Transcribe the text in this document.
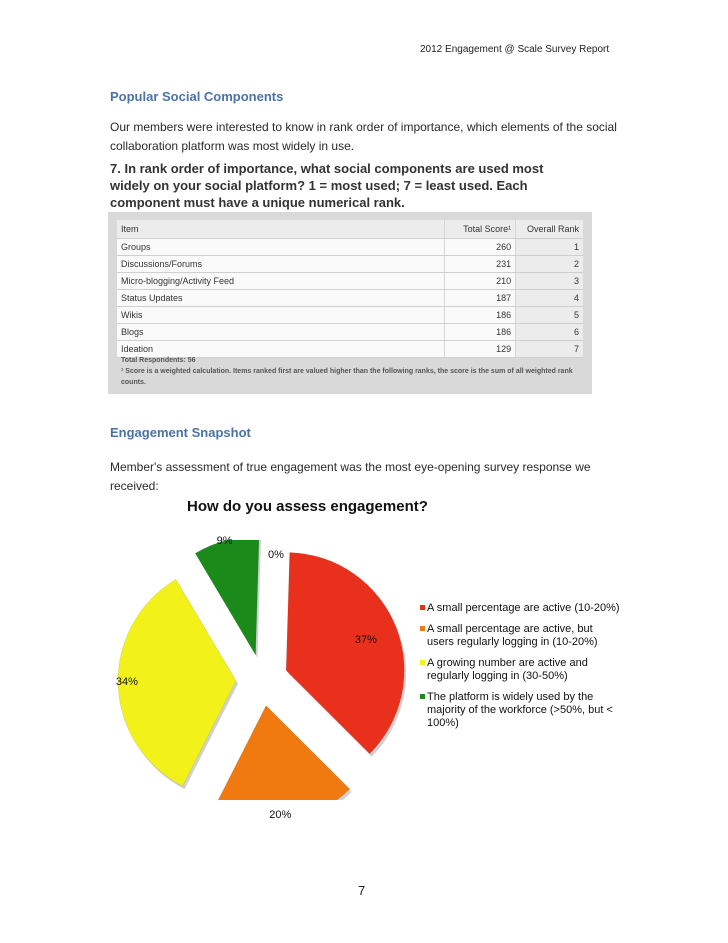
2012 Engagement @ Scale Survey Report
Popular Social Components
Our members were interested to know in rank order of importance, which elements of the social collaboration platform was most widely in use.
7. In rank order of importance, what social components are used most widely on your social platform? 1 = most used; 7 = least used. Each component must have a unique numerical rank.
Item	Total Score¹	Overall Rank
Groups	260	1
Discussions/Forums	231	2
Micro-blogging/Activity Feed	210	3
Status Updates	187	4
Wikis	186	5
Blogs	186	6
Ideation	129	7
Total Respondents: 56
¹ Score is a weighted calculation. Items ranked first are valued higher than the following ranks, the score is the sum of all weighted rank counts.
Engagement Snapshot
Member's assessment of true engagement was the most eye-opening survey response we received:
How do you assess engagement?
37%
20%
34%
9%
0%
A small percentage are active (10-20%)
A small percentage are active, but users regularly logging in (10-20%)
A growing number are active and regularly logging in (30-50%)
The platform is widely used by the majority of the workforce (>50%, but < 100%)
7
